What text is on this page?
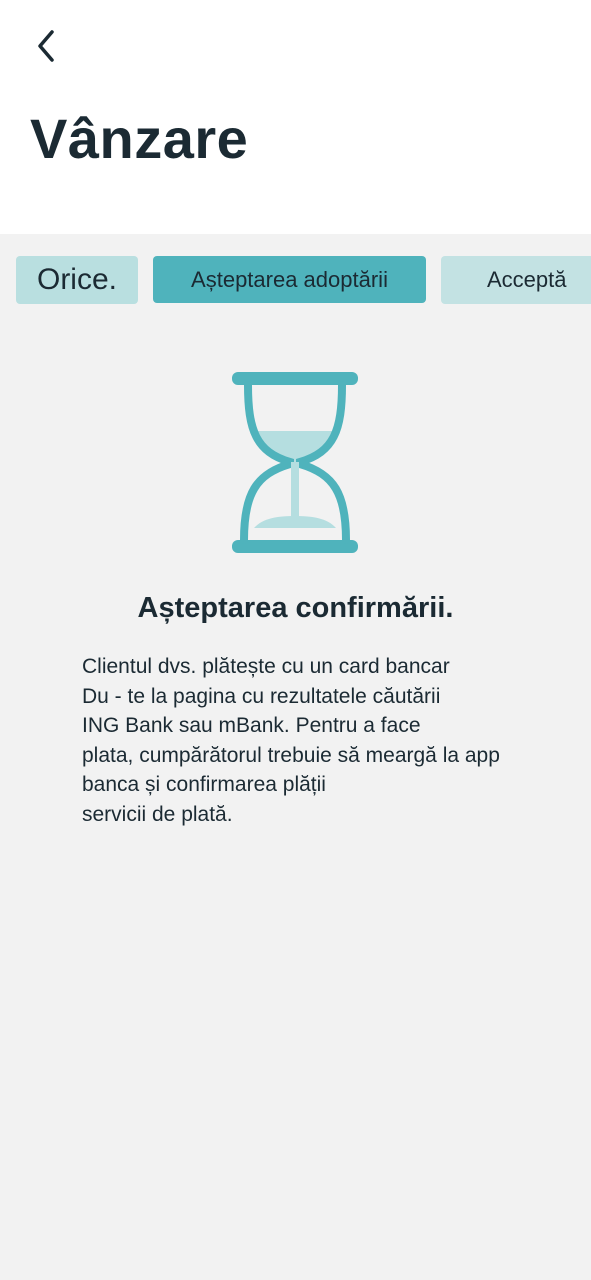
Vânzare
Orice.	Așteptarea adoptării	Acceptă
Așteptarea confirmării.
Clientul dvs. plătește cu un card bancar
Du - te la pagina cu rezultatele căutării
ING Bank sau mBank. Pentru a face
plata, cumpărătorul trebuie să meargă la app
banca și confirmarea plății
servicii de plată.
